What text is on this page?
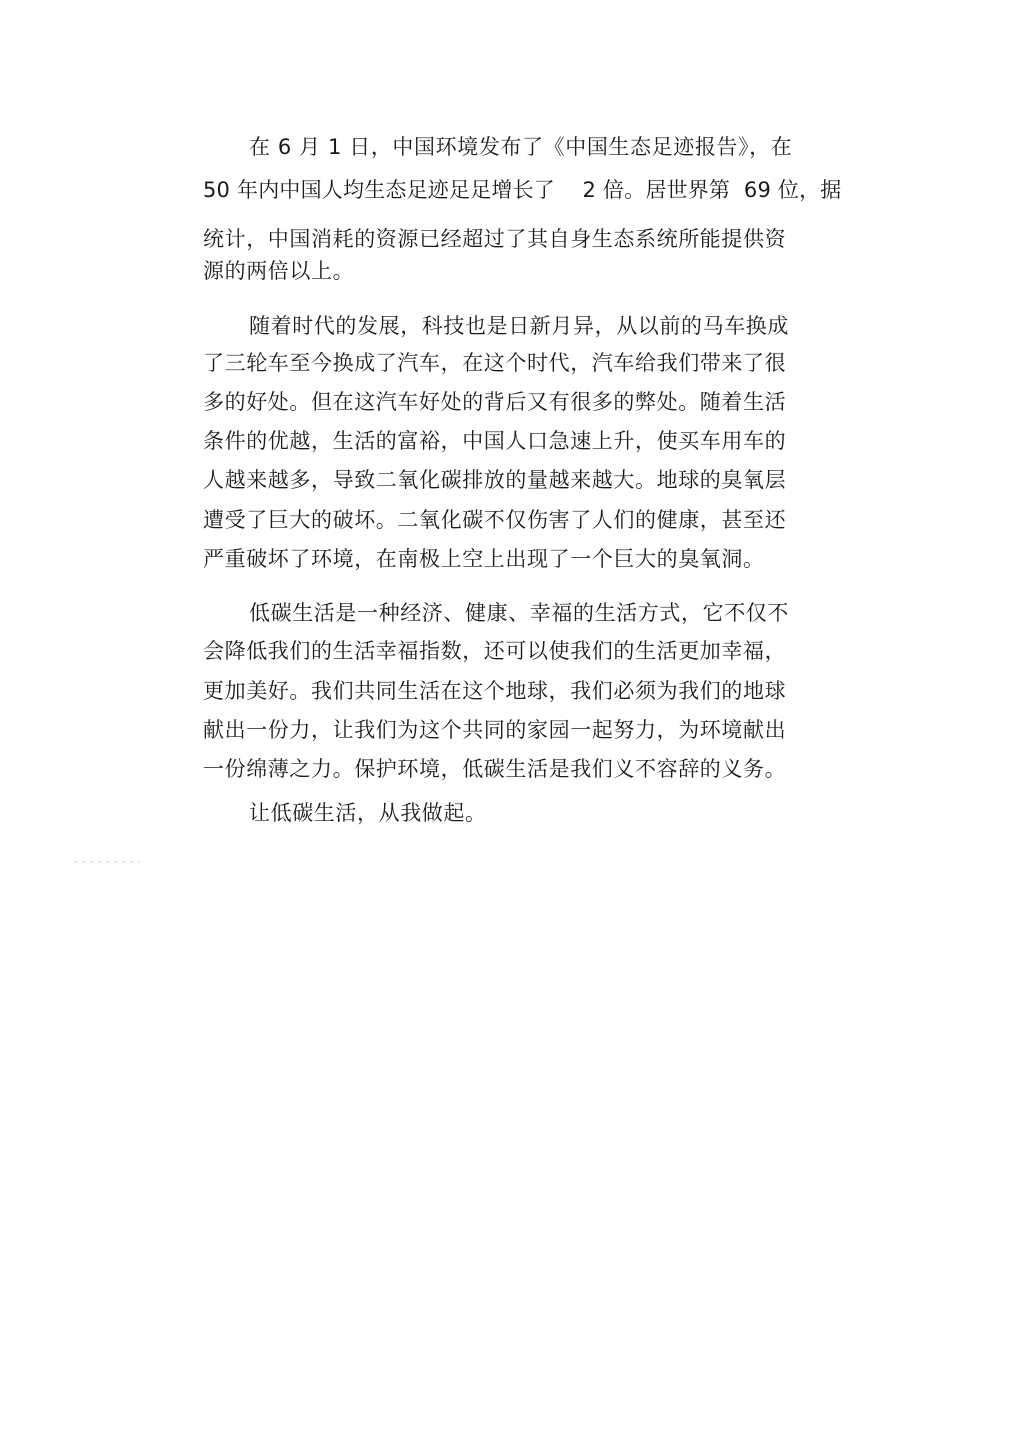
在 6 月 1 日，中国环境发布了《中国生态足迹报告》，在
50 年内中国人均生态足迹足足增长了    2 倍。居世界第  69 位，据
统计，中国消耗的资源已经超过了其自身生态系统所能提供资
源的两倍以上。
随着时代的发展，科技也是日新月异，从以前的马车换成
了三轮车至今换成了汽车，在这个时代，汽车给我们带来了很
多的好处。但在这汽车好处的背后又有很多的弊处。随着生活
条件的优越，生活的富裕，中国人口急速上升，使买车用车的
人越来越多，导致二氧化碳排放的量越来越大。地球的臭氧层
遭受了巨大的破坏。二氧化碳不仅伤害了人们的健康，甚至还
严重破坏了环境，在南极上空上出现了一个巨大的臭氧洞。
低碳生活是一种经济、健康、幸福的生活方式，它不仅不
会降低我们的生活幸福指数，还可以使我们的生活更加幸福，
更加美好。我们共同生活在这个地球，我们必须为我们的地球
献出一份力，让我们为这个共同的家园一起努力，为环境献出
一份绵薄之力。保护环境，低碳生活是我们义不容辞的义务。
让低碳生活，从我做起。
